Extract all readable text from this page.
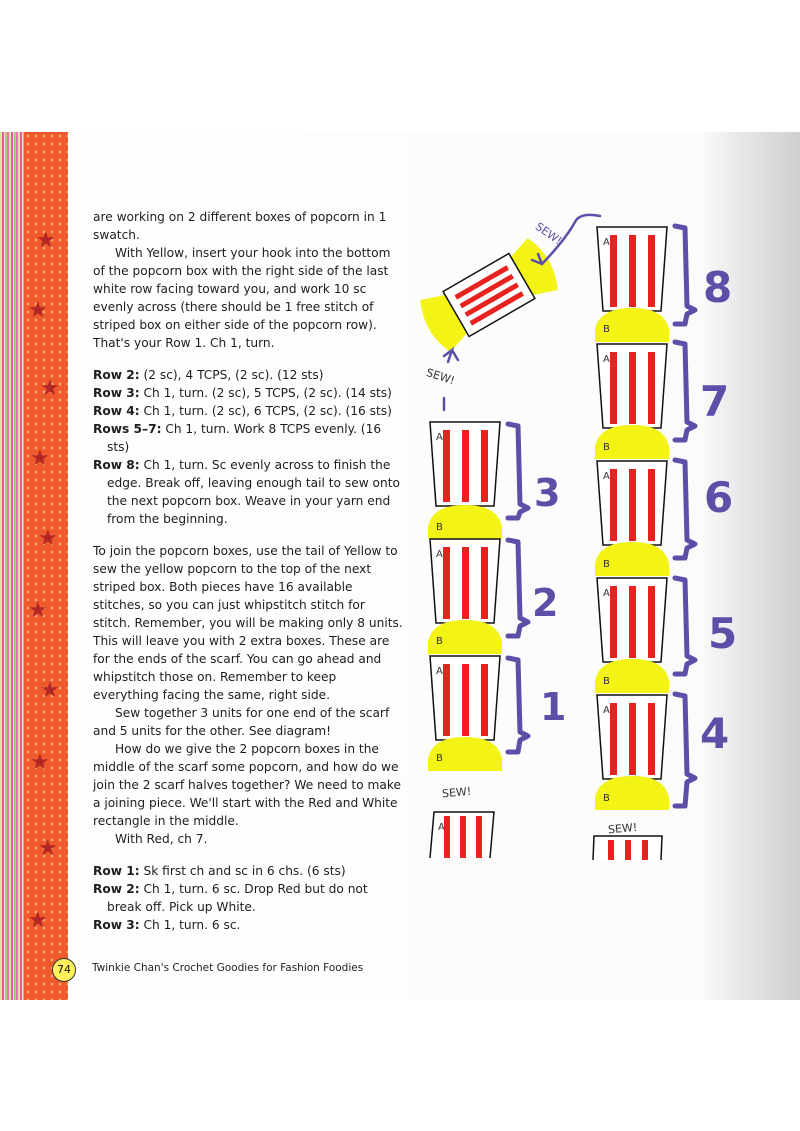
★
★
★
★
★
★
★
★
★
★

are working on 2 different boxes of popcorn in 1 swatch.

With Yellow, insert your hook into the bottom of the popcorn box with the right side of the last white row facing toward you, and work 10 sc evenly across (there should be 1 free stitch of striped box on either side of the popcorn row). That's your Row 1. Ch 1, turn.

Row 2: (2 sc), 4 TCPS, (2 sc). (12 sts)

Row 3: Ch 1, turn. (2 sc), 5 TCPS, (2 sc). (14 sts)

Row 4: Ch 1, turn. (2 sc), 6 TCPS, (2 sc). (16 sts)

Rows 5–7: Ch 1, turn. Work 8 TCPS evenly. (16 sts)

Row 8: Ch 1, turn. Sc evenly across to finish the edge. Break off, leaving enough tail to sew onto the next popcorn box. Weave in your yarn end from the beginning.

To join the popcorn boxes, use the tail of Yellow to sew the yellow popcorn to the top of the next striped box. Both pieces have 16 available stitches, so you can just whipstitch stitch for stitch. Remember, you will be making only 8 units. This will leave you with 2 extra boxes. These are for the ends of the scarf. You can go ahead and whipstitch those on. Remember to keep everything facing the same, right side.

Sew together 3 units for one end of the scarf and 5 units for the other. See diagram!

How do we give the 2 popcorn boxes in the middle of the scarf some popcorn, and how do we join the 2 scarf halves together? We need to make a joining piece. We'll start with the Red and White rectangle in the middle.

With Red, ch 7.

Row 1: Sk first ch and sc in 6 chs. (6 sts)

Row 2: Ch 1, turn. 6 sc. Drop Red but do not break off. Pick up White.

Row 3: Ch 1, turn. 6 sc.

74	Twinkie Chan's Crochet Goodies for Fashion Foodies
A
B
A
B
A
B
SEW!
A
3
2
1
SEW!
SEW!
A
B
A
B
A
B
A
B
A
B
SEW!
8
7
6
5
4
